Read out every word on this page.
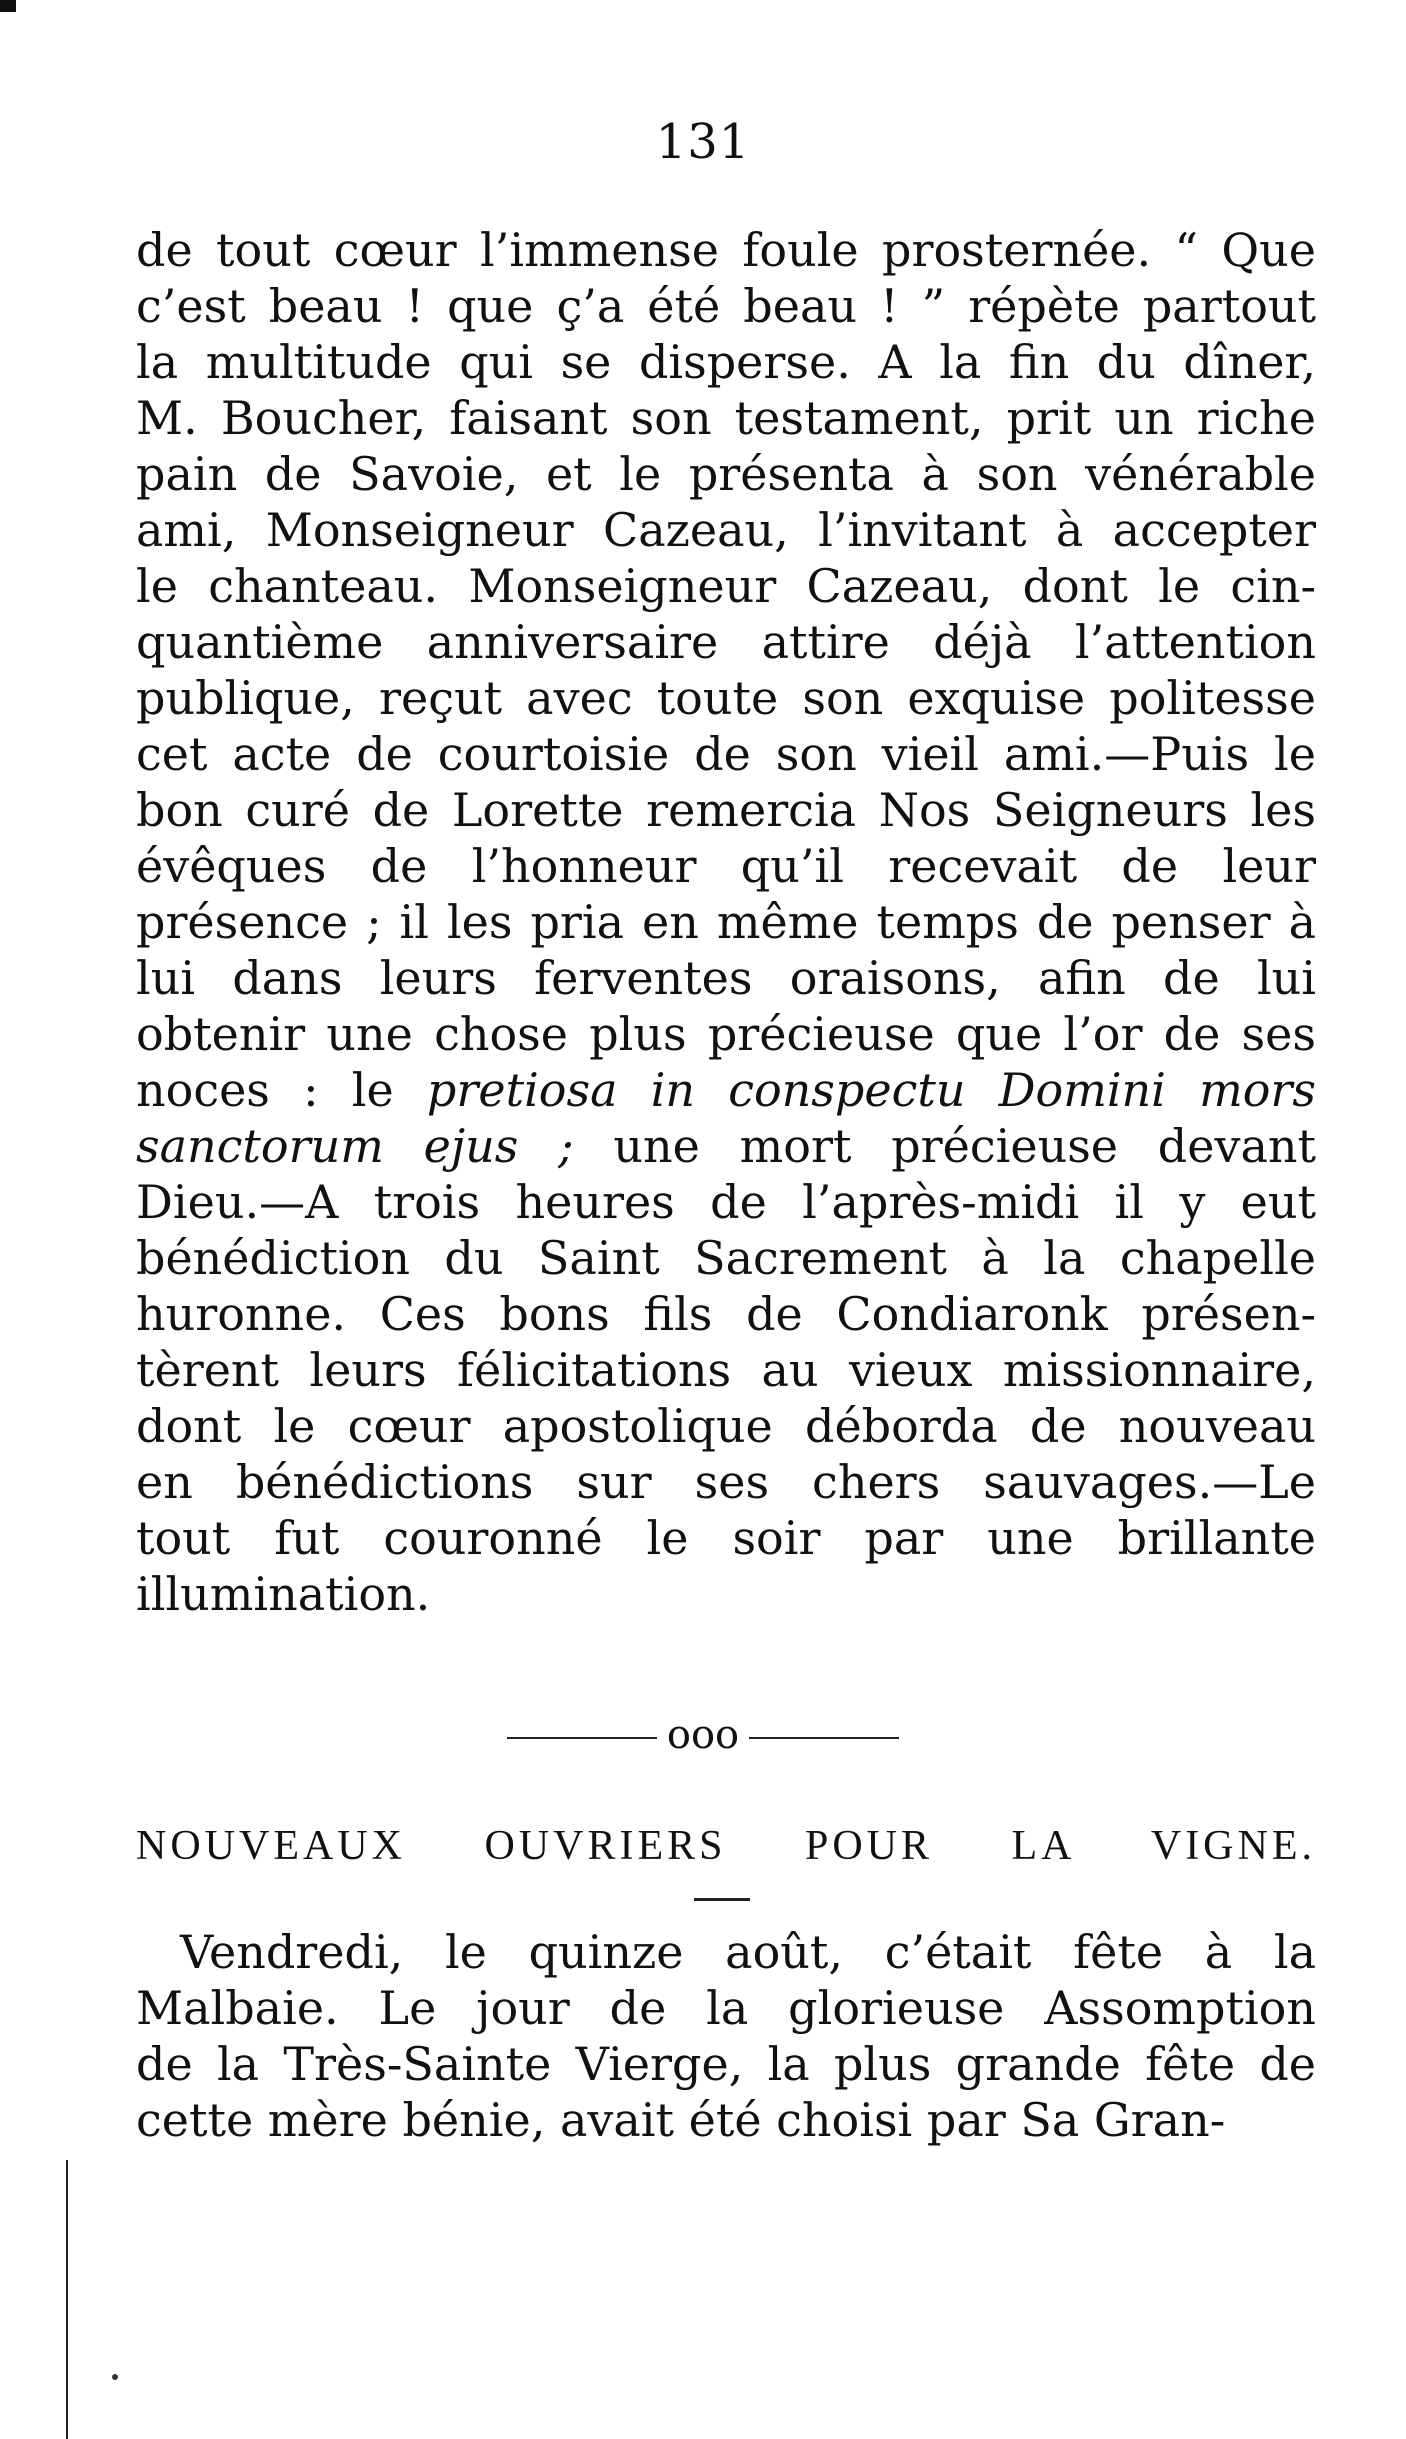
131
de tout cœur l’immense foule prosternée. “ Que
c’est beau ! que ç’a été beau ! ” répète partout
la multitude qui se disperse. A la fin du dîner,
M. Boucher, faisant son testament, prit un riche
pain de Savoie, et le présenta à son vénérable
ami, Monseigneur Cazeau, l’invitant à accepter
le chanteau. Monseigneur Cazeau, dont le cin-
quantième anniversaire attire déjà l’attention
publique, reçut avec toute son exquise politesse
cet acte de courtoisie de son vieil ami.—Puis le
bon curé de Lorette remercia Nos Seigneurs les
évêques de l’honneur qu’il recevait de leur
présence ; il les pria en même temps de penser à
lui dans leurs ferventes oraisons, afin de lui
obtenir une chose plus précieuse que l’or de ses
noces : le pretiosa in conspectu Domini mors
sanctorum ejus ; une mort précieuse devant
Dieu.—A trois heures de l’après-midi il y eut
bénédiction du Saint Sacrement à la chapelle
huronne. Ces bons fils de Condiaronk présen-
tèrent leurs félicitations au vieux missionnaire,
dont le cœur apostolique déborda de nouveau
en bénédictions sur ses chers sauvages.—Le
tout fut couronné le soir par une brillante
illumination.
ooo
NOUVEAUX OUVRIERS POUR LA VIGNE.
Vendredi, le quinze août, c’était fête à la
Malbaie. Le jour de la glorieuse Assomption
de la Très-Sainte Vierge, la plus grande fête de
cette mère bénie, avait été choisi par Sa Gran-
